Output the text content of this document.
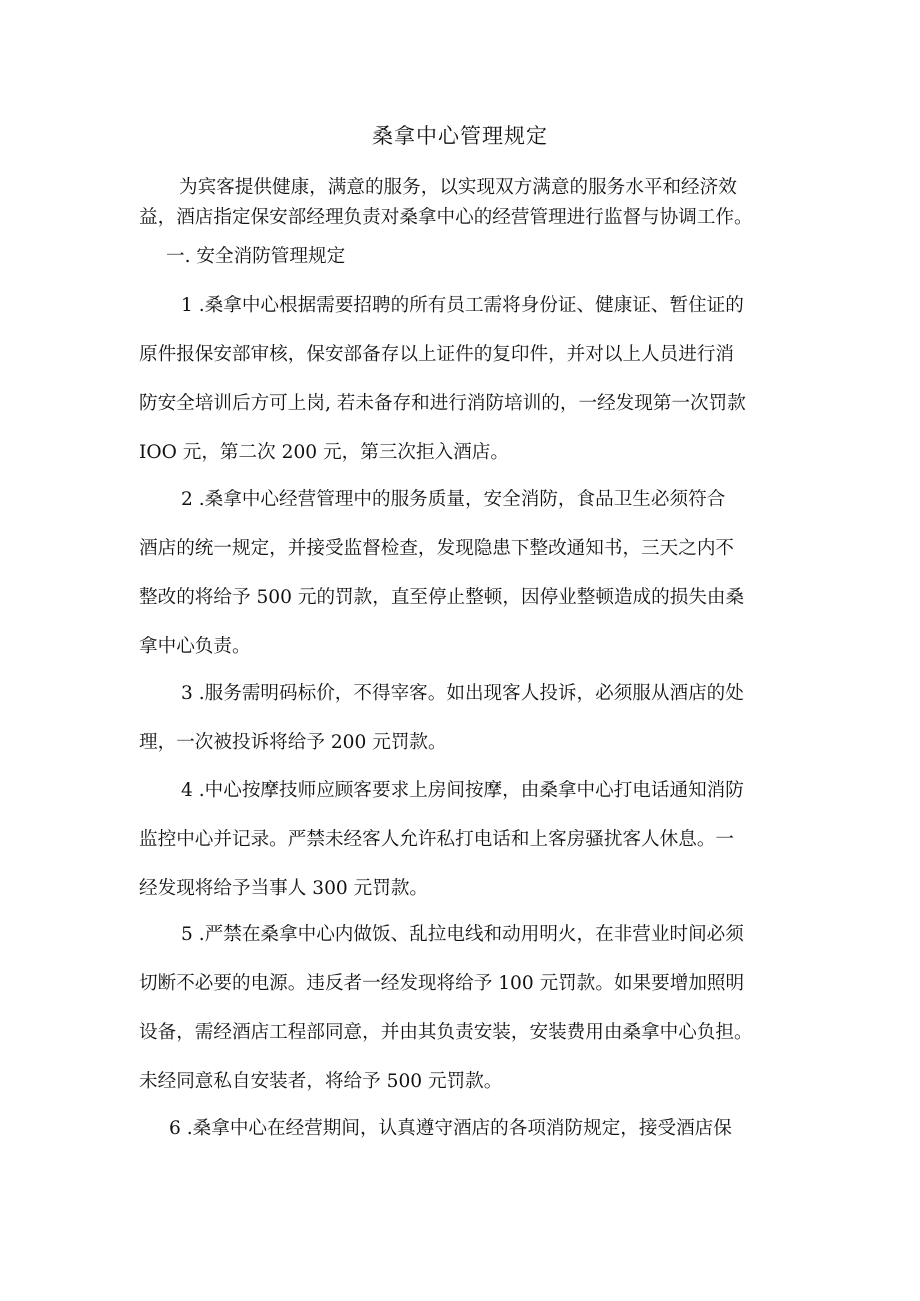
桑拿中心管理规定

为宾客提供健康，满意的服务，以实现双方满意的服务水平和经济效
益，酒店指定保安部经理负责对桑拿中心的经营管理进行监督与协调工作。

一. 安全消防管理规定

1 .桑拿中心根据需要招聘的所有员工需将身份证、健康证、暂住证的
原件报保安部审核，保安部备存以上证件的复印件，并对以上人员进行消
防安全培训后方可上岗, 若未备存和进行消防培训的，一经发现第一次罚款
IOO 元，第二次 200 元，第三次拒入酒店。

2 .桑拿中心经营管理中的服务质量，安全消防，食品卫生必须符合
酒店的统一规定，并接受监督检查，发现隐患下整改通知书，三天之内不
整改的将给予 500 元的罚款，直至停止整顿，因停业整顿造成的损失由桑
拿中心负责。

3 .服务需明码标价，不得宰客。如出现客人投诉，必须服从酒店的处
理，一次被投诉将给予 200 元罚款。

4 .中心按摩技师应顾客要求上房间按摩，由桑拿中心打电话通知消防
监控中心并记录。严禁未经客人允许私打电话和上客房骚扰客人休息。一
经发现将给予当事人 300 元罚款。

5 .严禁在桑拿中心内做饭、乱拉电线和动用明火，在非营业时间必须
切断不必要的电源。违反者一经发现将给予 100 元罚款。如果要增加照明
设备，需经酒店工程部同意，并由其负责安装，安装费用由桑拿中心负担。
未经同意私自安装者，将给予 500 元罚款。

6 .桑拿中心在经营期间，认真遵守酒店的各项消防规定，接受酒店保
